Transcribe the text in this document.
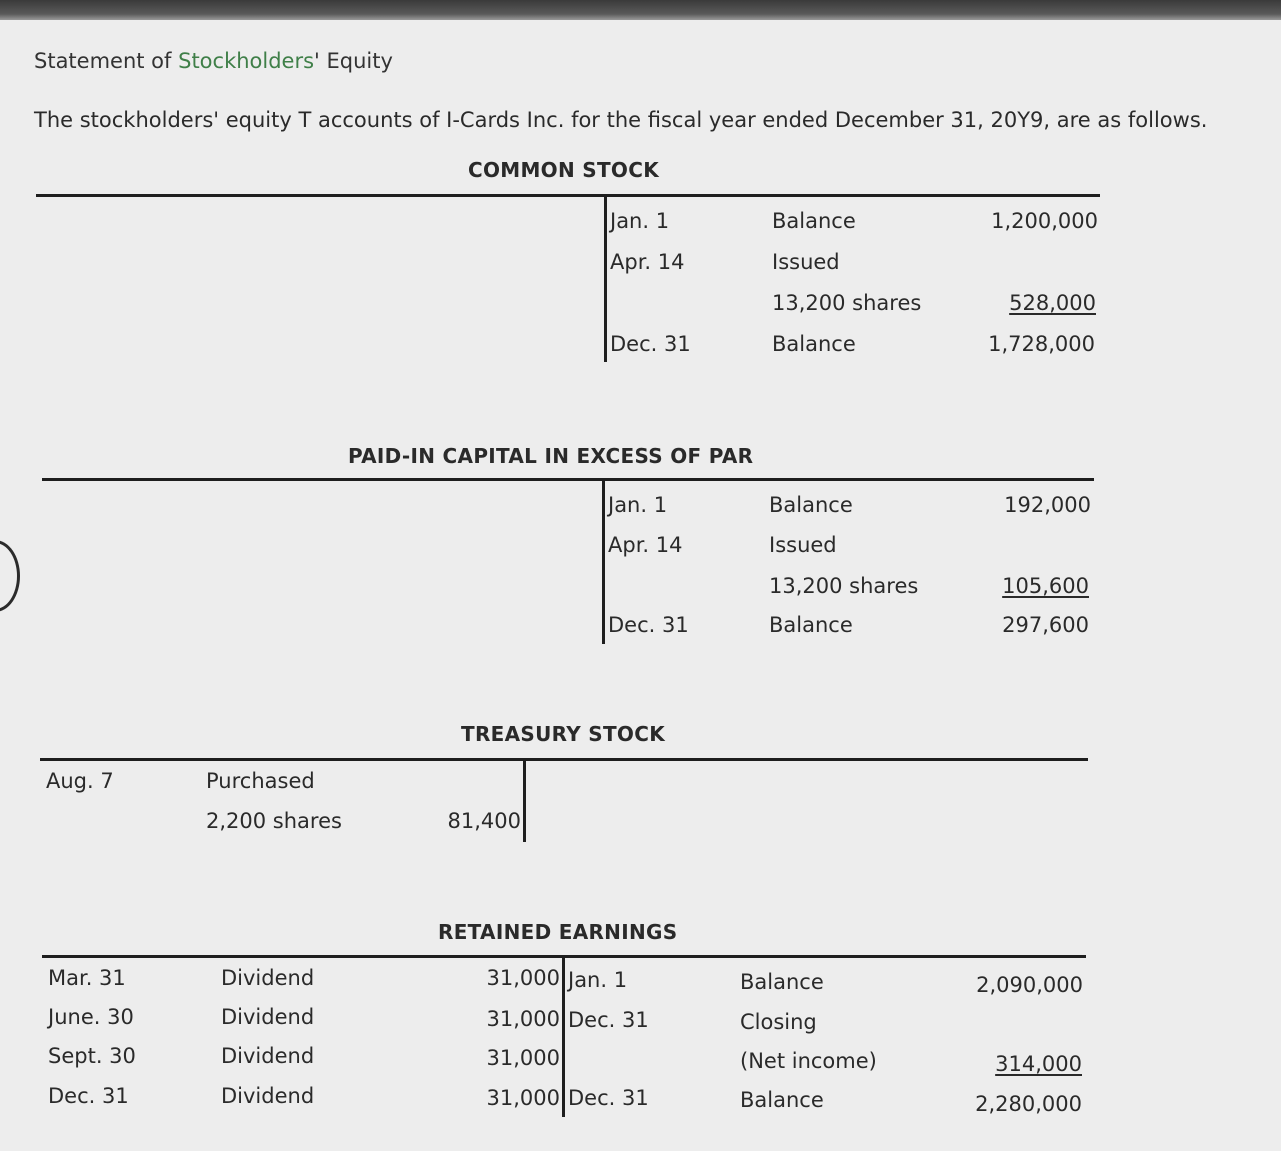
Statement of Stockholders' Equity
The stockholders' equity T accounts of I-Cards Inc. for the fiscal year ended December 31, 20Y9, are as follows.
COMMON STOCK
Jan. 1	Balance	1,200,000
Apr. 14	Issued
13,200 shares	528,000
Dec. 31	Balance	1,728,000
PAID-IN CAPITAL IN EXCESS OF PAR
Jan. 1	Balance	192,000
Apr. 14	Issued
13,200 shares	105,600
Dec. 31	Balance	297,600
TREASURY STOCK
Aug. 7	Purchased
2,200 shares	81,400
RETAINED EARNINGS
Mar. 31	Dividend	31,000
June. 30	Dividend	31,000
Sept. 30	Dividend	31,000
Dec. 31	Dividend	31,000
Jan. 1	Balance	2,090,000
Dec. 31	Closing
(Net income)	314,000
Dec. 31	Balance	2,280,000
